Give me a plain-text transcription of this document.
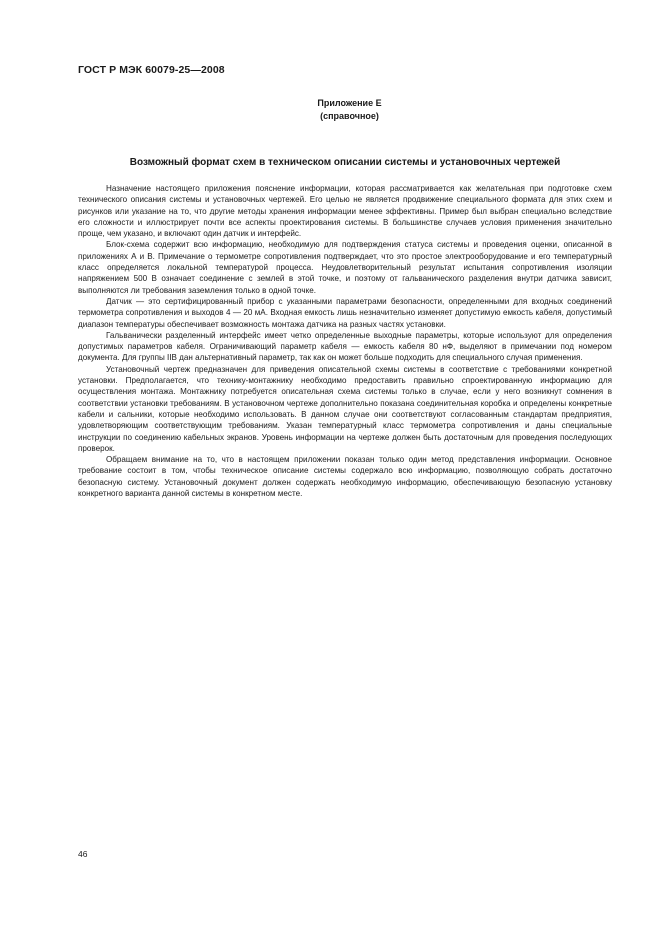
ГОСТ Р МЭК 60079-25—2008
Приложение Е
(справочное)
Возможный формат схем в техническом описании системы и установочных чертежей

Назначение настоящего приложения пояснение информации, которая рассматривается как желательная при подготовке схем технического описания системы и установочных чертежей. Его целью не является продвижение специального формата для этих схем и рисунков или указание на то, что другие методы хранения информации менее эффективны. Пример был выбран специально вследствие его сложности и иллюстрирует почти все аспекты проектирования системы. В большинстве случаев условия применения значительно проще, чем указано, и включают один датчик и интерфейс.

Блок-схема содержит всю информацию, необходимую для подтверждения статуса системы и проведения оценки, описанной в приложениях А и В. Примечание о термометре сопротивления подтверждает, что это простое электрооборудование и его температурный класс определяется локальной температурой процесса. Неудовлетворительный результат испытания сопротивления изоляции напряжением 500 В означает соединение с землей в этой точке, и поэтому от гальванического разделения внутри датчика зависит, выполняются ли требования заземления только в одной точке.

Датчик — это сертифицированный прибор с указанными параметрами безопасности, определенными для входных соединений термометра сопротивления и выходов 4 — 20 мА. Входная емкость лишь незначительно изменяет допустимую емкость кабеля, допустимый диапазон температуры обеспечивает возможность монтажа датчика на разных частях установки.

Гальванически разделенный интерфейс имеет четко определенные выходные параметры, которые используют для определения допустимых параметров кабеля. Ограничивающий параметр кабеля — емкость кабеля 80 нФ, выделяют в примечании под номером документа. Для группы IIB дан альтернативный параметр, так как он может больше подходить для специального случая применения.

Установочный чертеж предназначен для приведения описательной схемы системы в соответствие с требованиями конкретной установки. Предполагается, что технику-монтажнику необходимо предоставить правильно спроектированную информацию для осуществления монтажа. Монтажнику потребуется описательная схема системы только в случае, если у него возникнут сомнения в соответствии установки требованиям. В установочном чертеже дополнительно показана соединительная коробка и определены конкретные кабели и сальники, которые необходимо использовать. В данном случае они соответствуют согласованным стандартам предприятия, удовлетворяющим соответствующим требованиям. Указан температурный класс термометра сопротивления и даны специальные инструкции по соединению кабельных экранов. Уровень информации на чертеже должен быть достаточным для проведения последующих проверок.

Обращаем внимание на то, что в настоящем приложении показан только один метод представления информации. Основное требование состоит в том, чтобы техническое описание системы содержало всю информацию, позволяющую собрать достаточно безопасную систему. Установочный документ должен содержать необходимую информацию, обеспечивающую безопасную установку конкретного варианта данной системы в конкретном месте.

46
